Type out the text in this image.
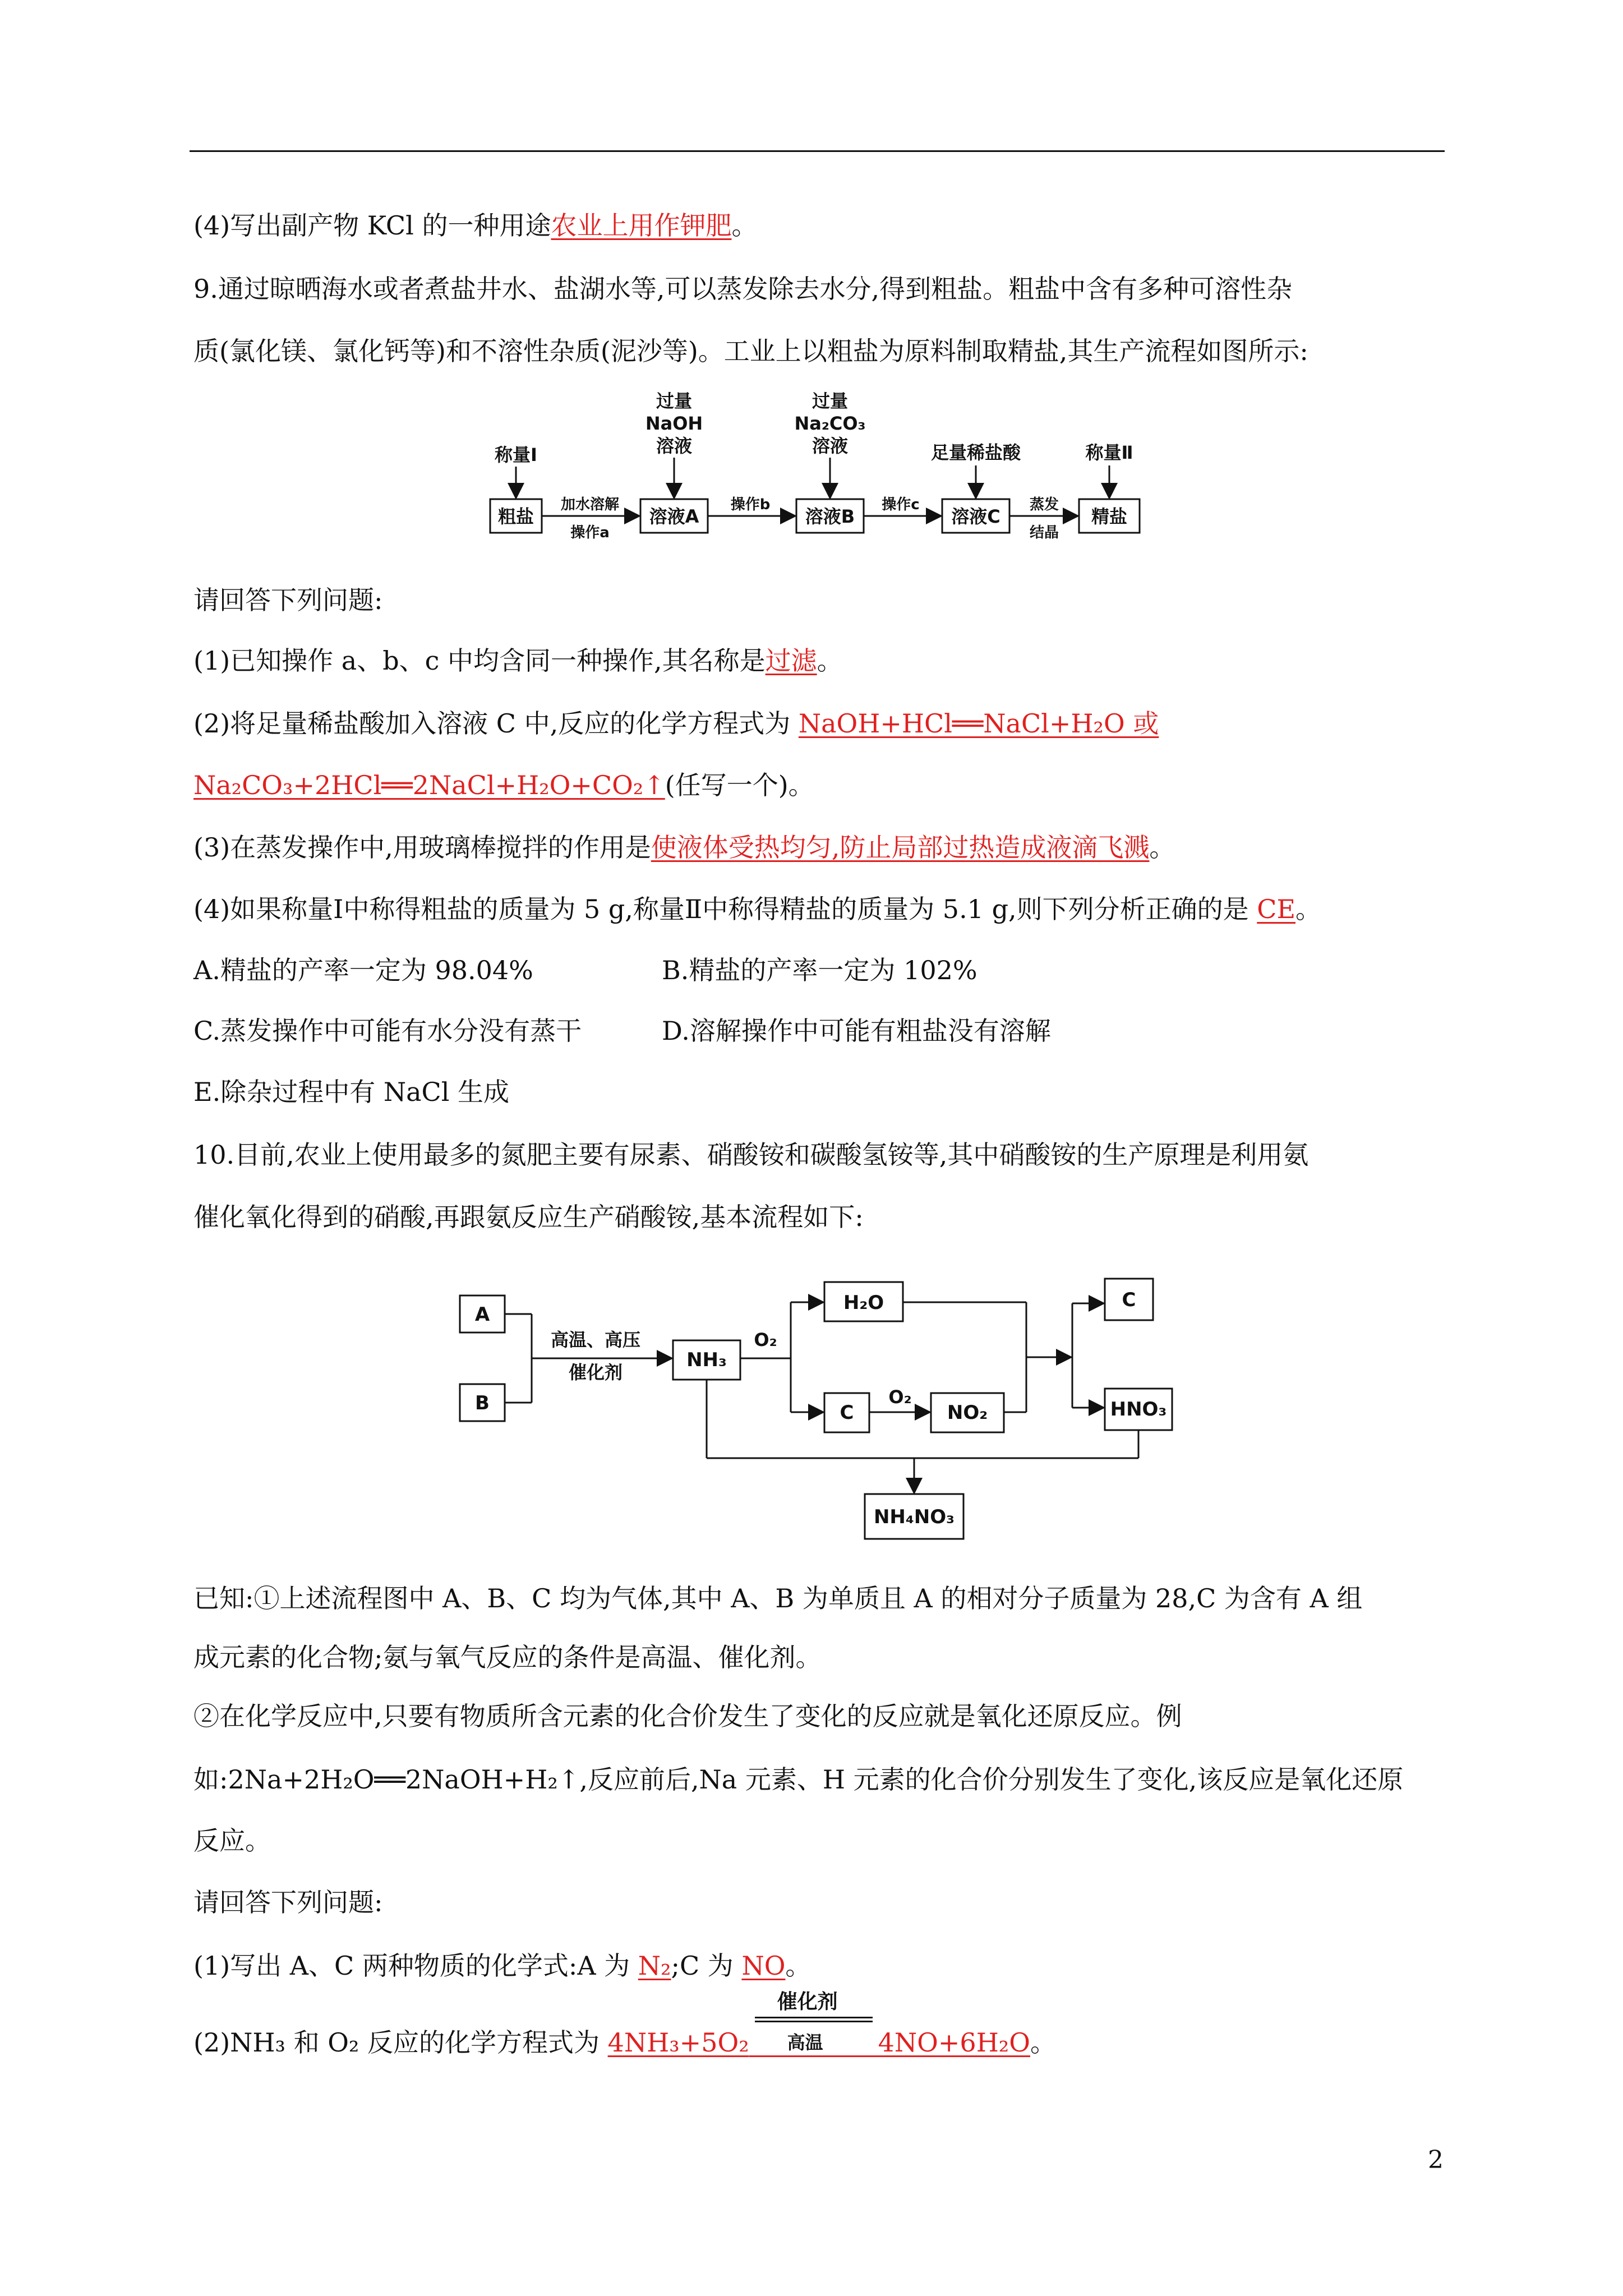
(4)写出副产物 KCl 的一种用途农业上用作钾肥。
9.通过晾晒海水或者煮盐井水、盐湖水等,可以蒸发除去水分,得到粗盐。粗盐中含有多种可溶性杂
质(氯化镁、氯化钙等)和不溶性杂质(泥沙等)。工业上以粗盐为原料制取精盐,其生产流程如图所示:
称量Ⅰ
过量
NaOH
溶液
过量
Na₂CO₃
溶液	足量稀盐酸	称量Ⅱ
粗盐	溶液A	溶液B	溶液C	精盐
加水溶解
操作a
操作b	操作c	蒸发
结晶
请回答下列问题:
(1)已知操作 a、b、c 中均含同一种操作,其名称是过滤。
(2)将足量稀盐酸加入溶液 C 中,反应的化学方程式为 NaOH+HCl══NaCl+H₂O 或
Na₂CO₃+2HCl══2NaCl+H₂O+CO₂↑(任写一个)。
(3)在蒸发操作中,用玻璃棒搅拌的作用是使液体受热均匀,防止局部过热造成液滴飞溅。
(4)如果称量Ⅰ中称得粗盐的质量为 5 g,称量Ⅱ中称得精盐的质量为 5.1 g,则下列分析正确的是 CE。
A.精盐的产率一定为 98.04%	B.精盐的产率一定为 102%
C.蒸发操作中可能有水分没有蒸干	D.溶解操作中可能有粗盐没有溶解
E.除杂过程中有 NaCl 生成
10.目前,农业上使用最多的氮肥主要有尿素、硝酸铵和碳酸氢铵等,其中硝酸铵的生产原理是利用氨
催化氧化得到的硝酸,再跟氨反应生产硝酸铵,基本流程如下:
A
B
NH₃
H₂O
C	NO₂
C
HNO₃
NH₄NO₃
高温、高压
催化剂
O₂
O₂
已知:①上述流程图中 A、B、C 均为气体,其中 A、B 为单质且 A 的相对分子质量为 28,C 为含有 A 组
成元素的化合物;氨与氧气反应的条件是高温、催化剂。
②在化学反应中,只要有物质所含元素的化合价发生了变化的反应就是氧化还原反应。例
如:2Na+2H₂O══2NaOH+H₂↑,反应前后,Na 元素、H 元素的化合价分别发生了变化,该反应是氧化还原
反应。
请回答下列问题:
(1)写出 A、C 两种物质的化学式:A 为 N₂;C 为 NO。
(2)NH₃ 和 O₂ 反应的化学方程式为 4NH₃+5O₂
催化剂
高温 4NO+6H₂O。
2
